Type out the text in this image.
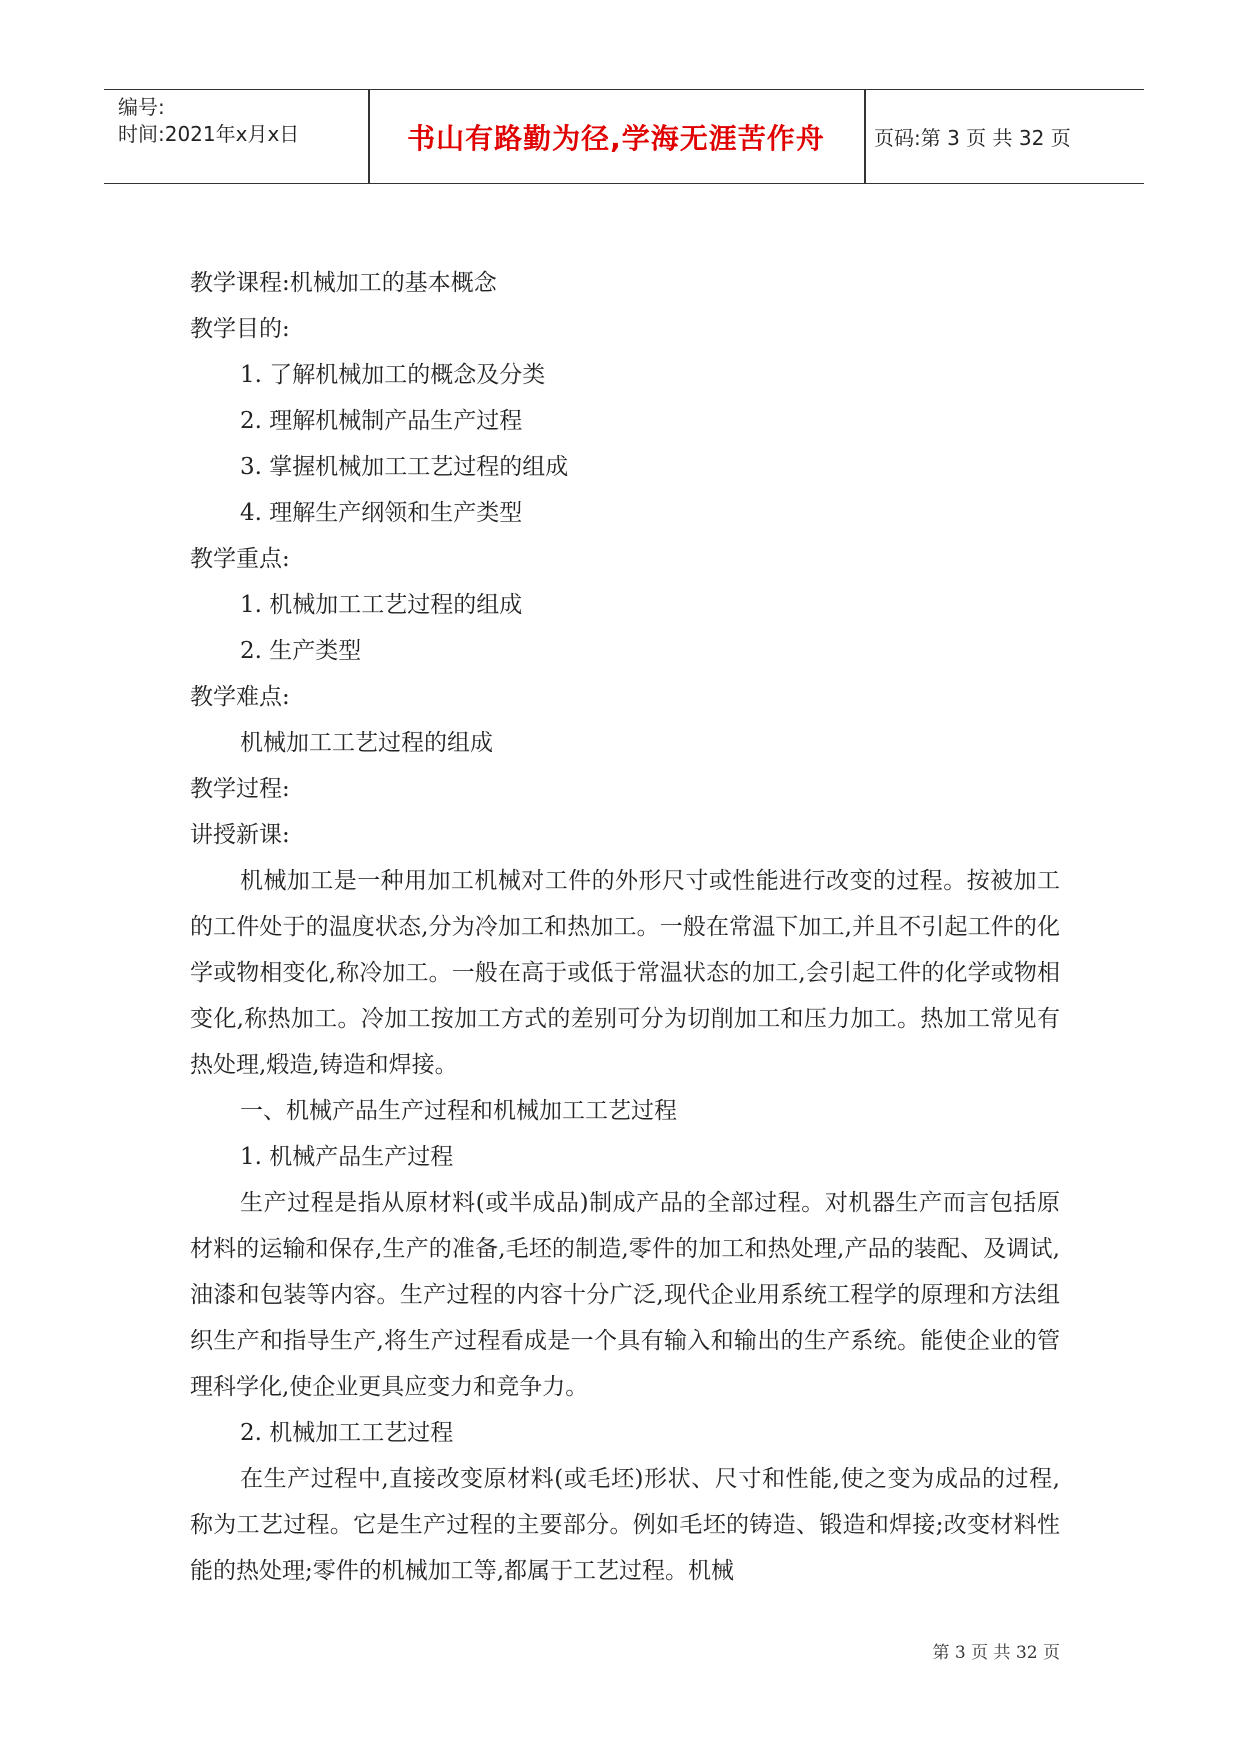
编号:
时间:2021年x月x日	书山有路勤为径,学海无涯苦作舟	页码:第 3 页 共 32 页

教学课程:机械加工的基本概念

教学目的:

1. 了解机械加工的概念及分类

2. 理解机械制产品生产过程

3. 掌握机械加工工艺过程的组成

4. 理解生产纲领和生产类型

教学重点:

1. 机械加工工艺过程的组成

2. 生产类型

教学难点:

机械加工工艺过程的组成

教学过程:

讲授新课:

机械加工是一种用加工机械对工件的外形尺寸或性能进行改变的过程。按被加工的工件处于的温度状态,分为冷加工和热加工。一般在常温下加工,并且不引起工件的化学或物相变化,称冷加工。一般在高于或低于常温状态的加工,会引起工件的化学或物相变化,称热加工。冷加工按加工方式的差别可分为切削加工和压力加工。热加工常见有热处理,煅造,铸造和焊接。

一、机械产品生产过程和机械加工工艺过程

1. 机械产品生产过程

生产过程是指从原材料(或半成品)制成产品的全部过程。对机器生产而言包括原材料的运输和保存,生产的准备,毛坯的制造,零件的加工和热处理,产品的装配、及调试,油漆和包装等内容。生产过程的内容十分广泛,现代企业用系统工程学的原理和方法组织生产和指导生产,将生产过程看成是一个具有输入和输出的生产系统。能使企业的管理科学化,使企业更具应变力和竞争力。

2. 机械加工工艺过程

在生产过程中,直接改变原材料(或毛坯)形状、尺寸和性能,使之变为成品的过程,称为工艺过程。它是生产过程的主要部分。例如毛坯的铸造、锻造和焊接;改变材料性能的热处理;零件的机械加工等,都属于工艺过程。机械

第 3 页 共 32 页
